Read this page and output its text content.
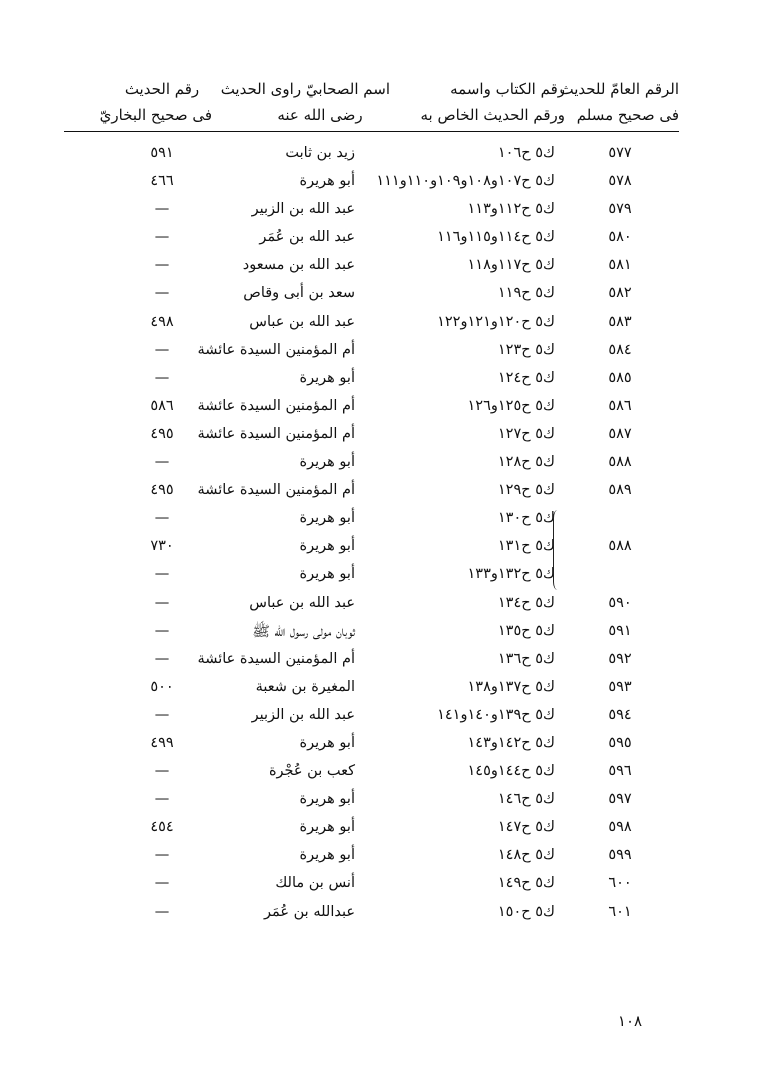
الرقم العامّ للحديث
فى صحيح مسلم
رقم الكتاب واسمه
ورقم الحديث الخاص به
اسم الصحابيّ راوى الحديث
رضى الله عنه
رقم الحديث
فى صحيح البخاريّ
٥٧٧
ك٥ ح١٠٦
زيد بن ثابت
٥٩١
٥٧٨
ك٥ ح١٠٧و١٠٨و١٠٩و١١٠و١١١
أبو هريرة
٤٦٦
٥٧٩
ك٥ ح١١٢و١١٣
عبد الله بن الزبير
—
٥٨٠
ك٥ ح١١٤و١١٥و١١٦
عبد الله بن عُمَر
—
٥٨١
ك٥ ح١١٧و١١٨
عبد الله بن مسعود
—
٥٨٢
ك٥ ح١١٩
سعد بن أبى وقاص
—
٥٨٣
ك٥ ح١٢٠و١٢١و١٢٢
عبد الله بن عباس
٤٩٨
٥٨٤
ك٥ ح١٢٣
أم المؤمنين السيدة عائشة
—
٥٨٥
ك٥ ح١٢٤
أبو هريرة
—
٥٨٦
ك٥ ح١٢٥و١٢٦
أم المؤمنين السيدة عائشة
٥٨٦
٥٨٧
ك٥ ح١٢٧
أم المؤمنين السيدة عائشة
٤٩٥
٥٨٨
ك٥ ح١٢٨
أبو هريرة
—
٥٨٩
ك٥ ح١٢٩
أم المؤمنين السيدة عائشة
٤٩٥
ك٥ ح١٣٠
أبو هريرة
—
٥٨٨
ك٥ ح١٣١
أبو هريرة
٧٣٠
ك٥ ح١٣٢و١٣٣
أبو هريرة
—
٥٩٠
ك٥ ح١٣٤
عبد الله بن عباس
—
٥٩١
ك٥ ح١٣٥
ثوبان مولى رسول الله ﷺ
—
٥٩٢
ك٥ ح١٣٦
أم المؤمنين السيدة عائشة
—
٥٩٣
ك٥ ح١٣٧و١٣٨
المغيرة بن شعبة
٥٠٠
٥٩٤
ك٥ ح١٣٩و١٤٠و١٤١
عبد الله بن الزبير
—
٥٩٥
ك٥ ح١٤٢و١٤٣
أبو هريرة
٤٩٩
٥٩٦
ك٥ ح١٤٤و١٤٥
كعب بن عُجْرة
—
٥٩٧
ك٥ ح١٤٦
أبو هريرة
—
٥٩٨
ك٥ ح١٤٧
أبو هريرة
٤٥٤
٥٩٩
ك٥ ح١٤٨
أبو هريرة
—
٦٠٠
ك٥ ح١٤٩
أنس بن مالك
—
٦٠١
ك٥ ح١٥٠
عبدالله بن عُمَر
—
١٠٨
